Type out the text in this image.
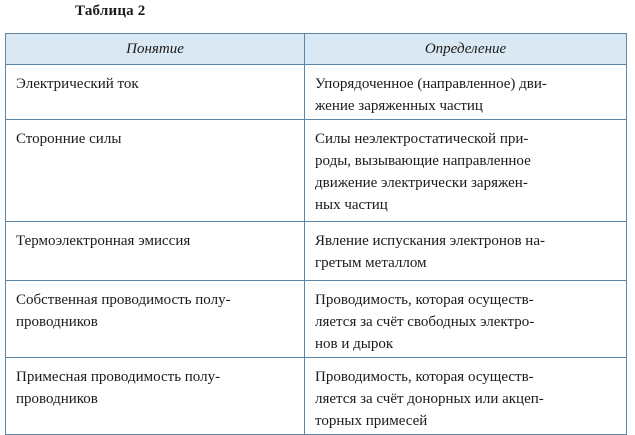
Таблица 2
Понятие	Определение
Электрический ток	Упорядоченное (направленное) дви-
жение заряженных частиц
Сторонние силы	Силы неэлектростатической при-
роды, вызывающие направленное
движение электрически заряжен-
ных частиц
Термоэлектронная эмиссия	Явление испускания электронов на-
гретым металлом
Собственная проводимость полу-
проводников	Проводимость, которая осуществ-
ляется за счёт свободных электро-
нов и дырок
Примесная проводимость полу-
проводников	Проводимость, которая осуществ-
ляется за счёт донорных или акцеп-
торных примесей
